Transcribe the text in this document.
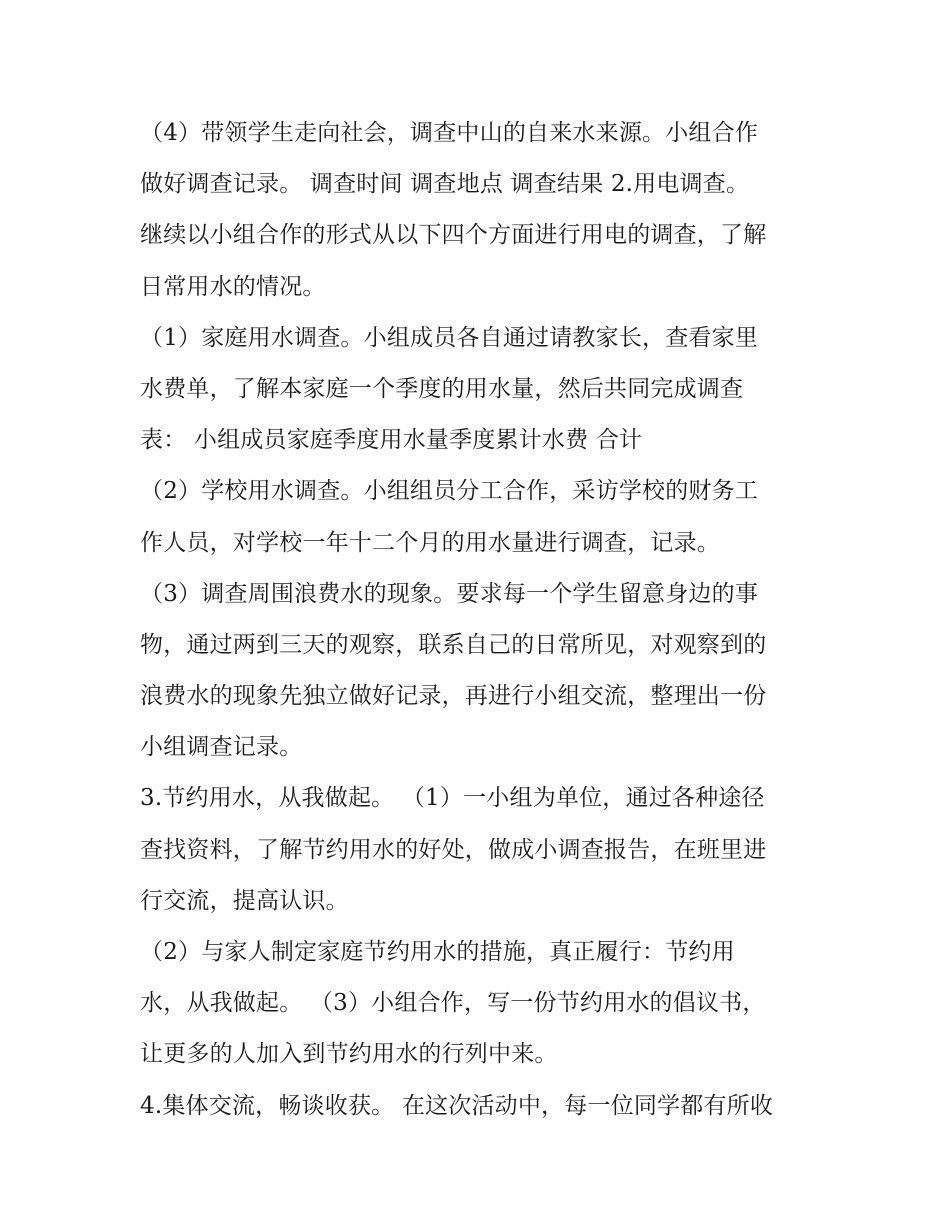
（4）带领学生走向社会，调查中山的自来水来源。小组合作
做好调查记录。 调查时间 调查地点 调查结果 2.用电调查。
继续以小组合作的形式从以下四个方面进行用电的调查，了解
日常用水的情况。
（1）家庭用水调查。小组成员各自通过请教家长，查看家里
水费单，了解本家庭一个季度的用水量，然后共同完成调查
表： 小组成员家庭季度用水量季度累计水费 合计
（2）学校用水调查。小组组员分工合作，采访学校的财务工
作人员，对学校一年十二个月的用水量进行调查，记录。
（3）调查周围浪费水的现象。要求每一个学生留意身边的事
物，通过两到三天的观察，联系自己的日常所见，对观察到的
浪费水的现象先独立做好记录，再进行小组交流，整理出一份
小组调查记录。
3.节约用水，从我做起。 （1）一小组为单位，通过各种途径
查找资料，了解节约用水的好处，做成小调查报告，在班里进
行交流，提高认识。
（2）与家人制定家庭节约用水的措施，真正履行：节约用
水，从我做起。 （3）小组合作，写一份节约用水的倡议书，
让更多的人加入到节约用水的行列中来。
4.集体交流，畅谈收获。 在这次活动中，每一位同学都有所收
